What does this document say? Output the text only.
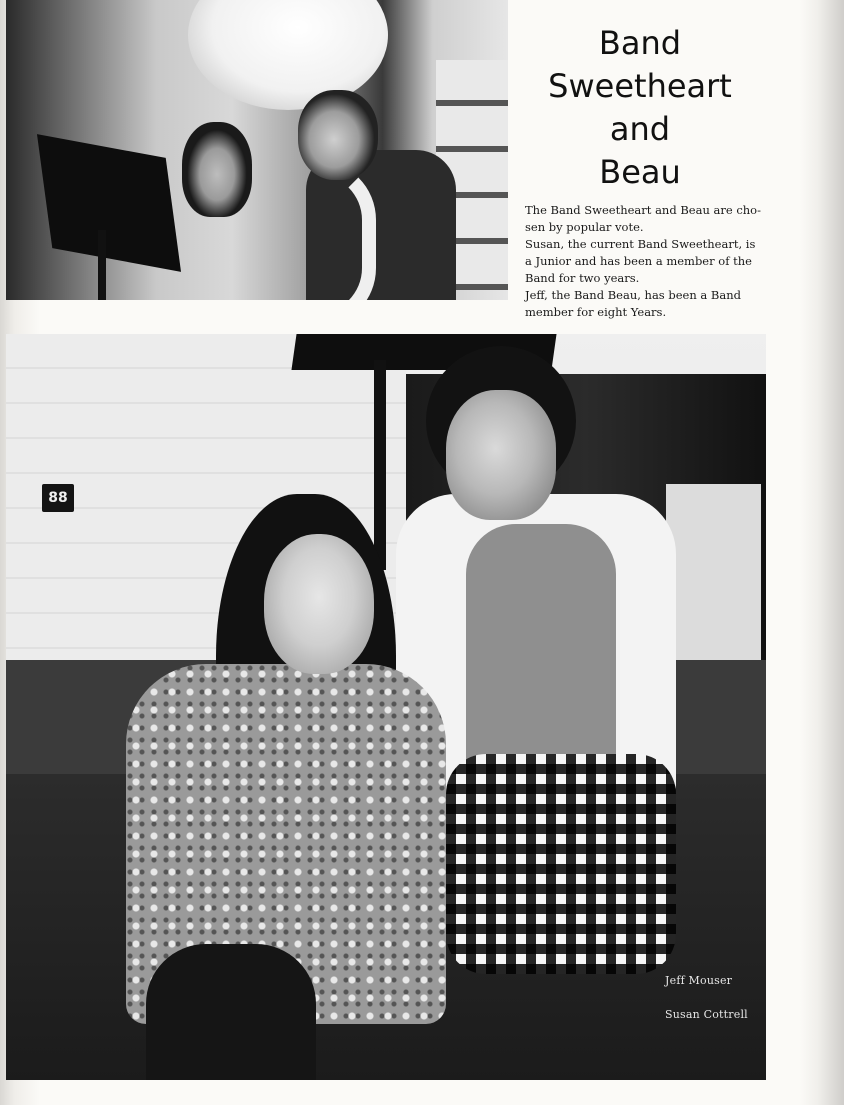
Band
Sweetheart
and
Beau

The Band Sweetheart and Beau are cho-sen by popular vote.

Susan, the current Band Sweetheart, is a Junior and has been a member of the Band for two years.

Jeff, the Band Beau, has been a Band member for eight Years.

88
Jeff Mouser
Susan Cottrell
